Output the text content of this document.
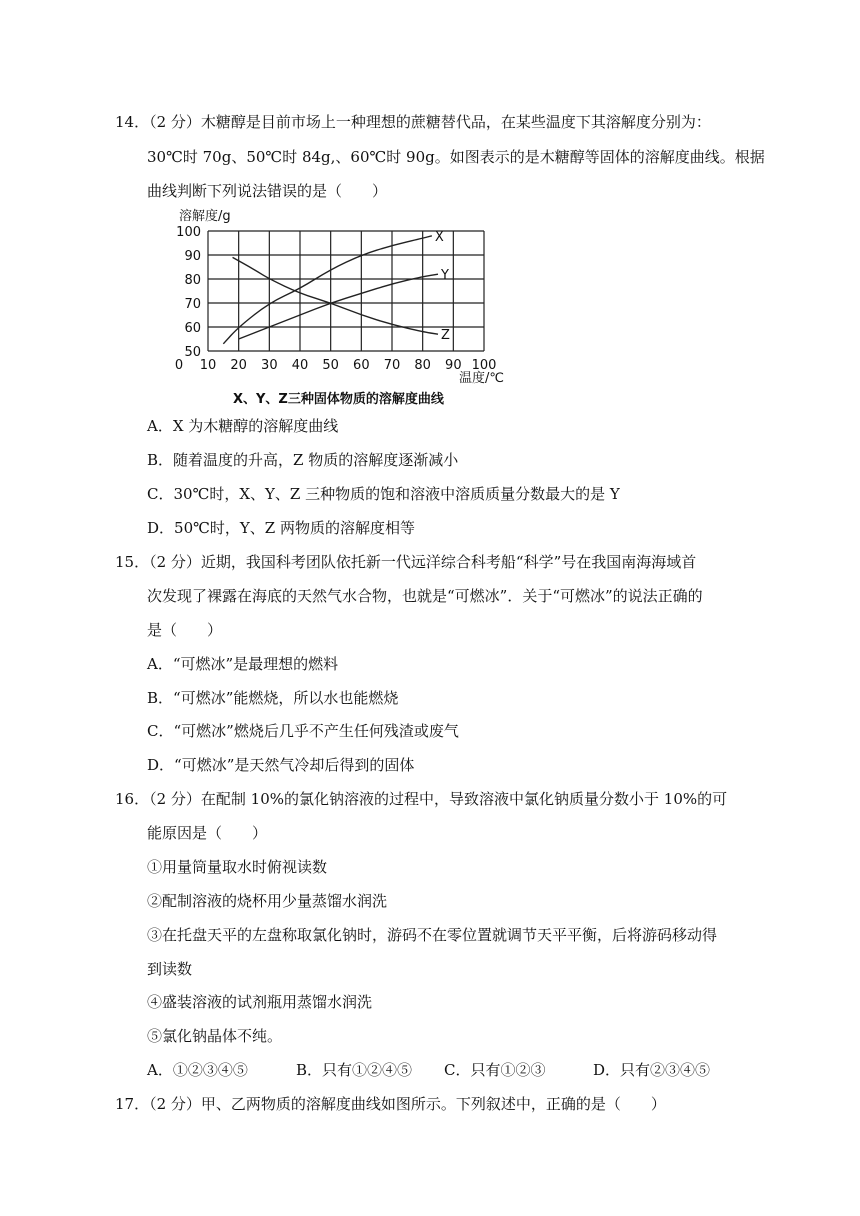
14．（2 分）木糖醇是目前市场上一种理想的蔗糖替代品，在某些温度下其溶解度分别为：
30℃时 70g、50℃时 84g,、60℃时 90g。如图表示的是木糖醇等固体的溶解度曲线。根据
曲线判断下列说法错误的是（　　）
溶解度/g
50
60
70
80
90
100
0 10 20 30 40 50 60 70 80 90 100
X
Y
Z
温度/℃
X、Y、Z三种固体物质的溶解度曲线
A．X 为木糖醇的溶解度曲线
B．随着温度的升高，Z 物质的溶解度逐渐减小
C．30℃时，X、Y、Z 三种物质的饱和溶液中溶质质量分数最大的是 Y
D．50℃时，Y、Z 两物质的溶解度相等
15．（2 分）近期，我国科考团队依托新一代远洋综合科考船“科学”号在我国南海海域首
次发现了裸露在海底的天然气水合物，也就是“可燃冰”．关于“可燃冰”的说法正确的
是（　　）
A．“可燃冰”是最理想的燃料
B．“可燃冰”能燃烧，所以水也能燃烧
C．“可燃冰”燃烧后几乎不产生任何残渣或废气
D．“可燃冰”是天然气冷却后得到的固体
16．（2 分）在配制 10%的氯化钠溶液的过程中，导致溶液中氯化钠质量分数小于 10%的可
能原因是（　　）
①用量筒量取水时俯视读数
②配制溶液的烧杯用少量蒸馏水润洗
③在托盘天平的左盘称取氯化钠时，游码不在零位置就调节天平平衡，后将游码移动得
到读数
④盛装溶液的试剂瓶用蒸馏水润洗
⑤氯化钠晶体不纯。
A．①②③④⑤	B．只有①②④⑤ C．只有①②③	D．只有②③④⑤
17．（2 分）甲、乙两物质的溶解度曲线如图所示。下列叙述中，正确的是（　　）
